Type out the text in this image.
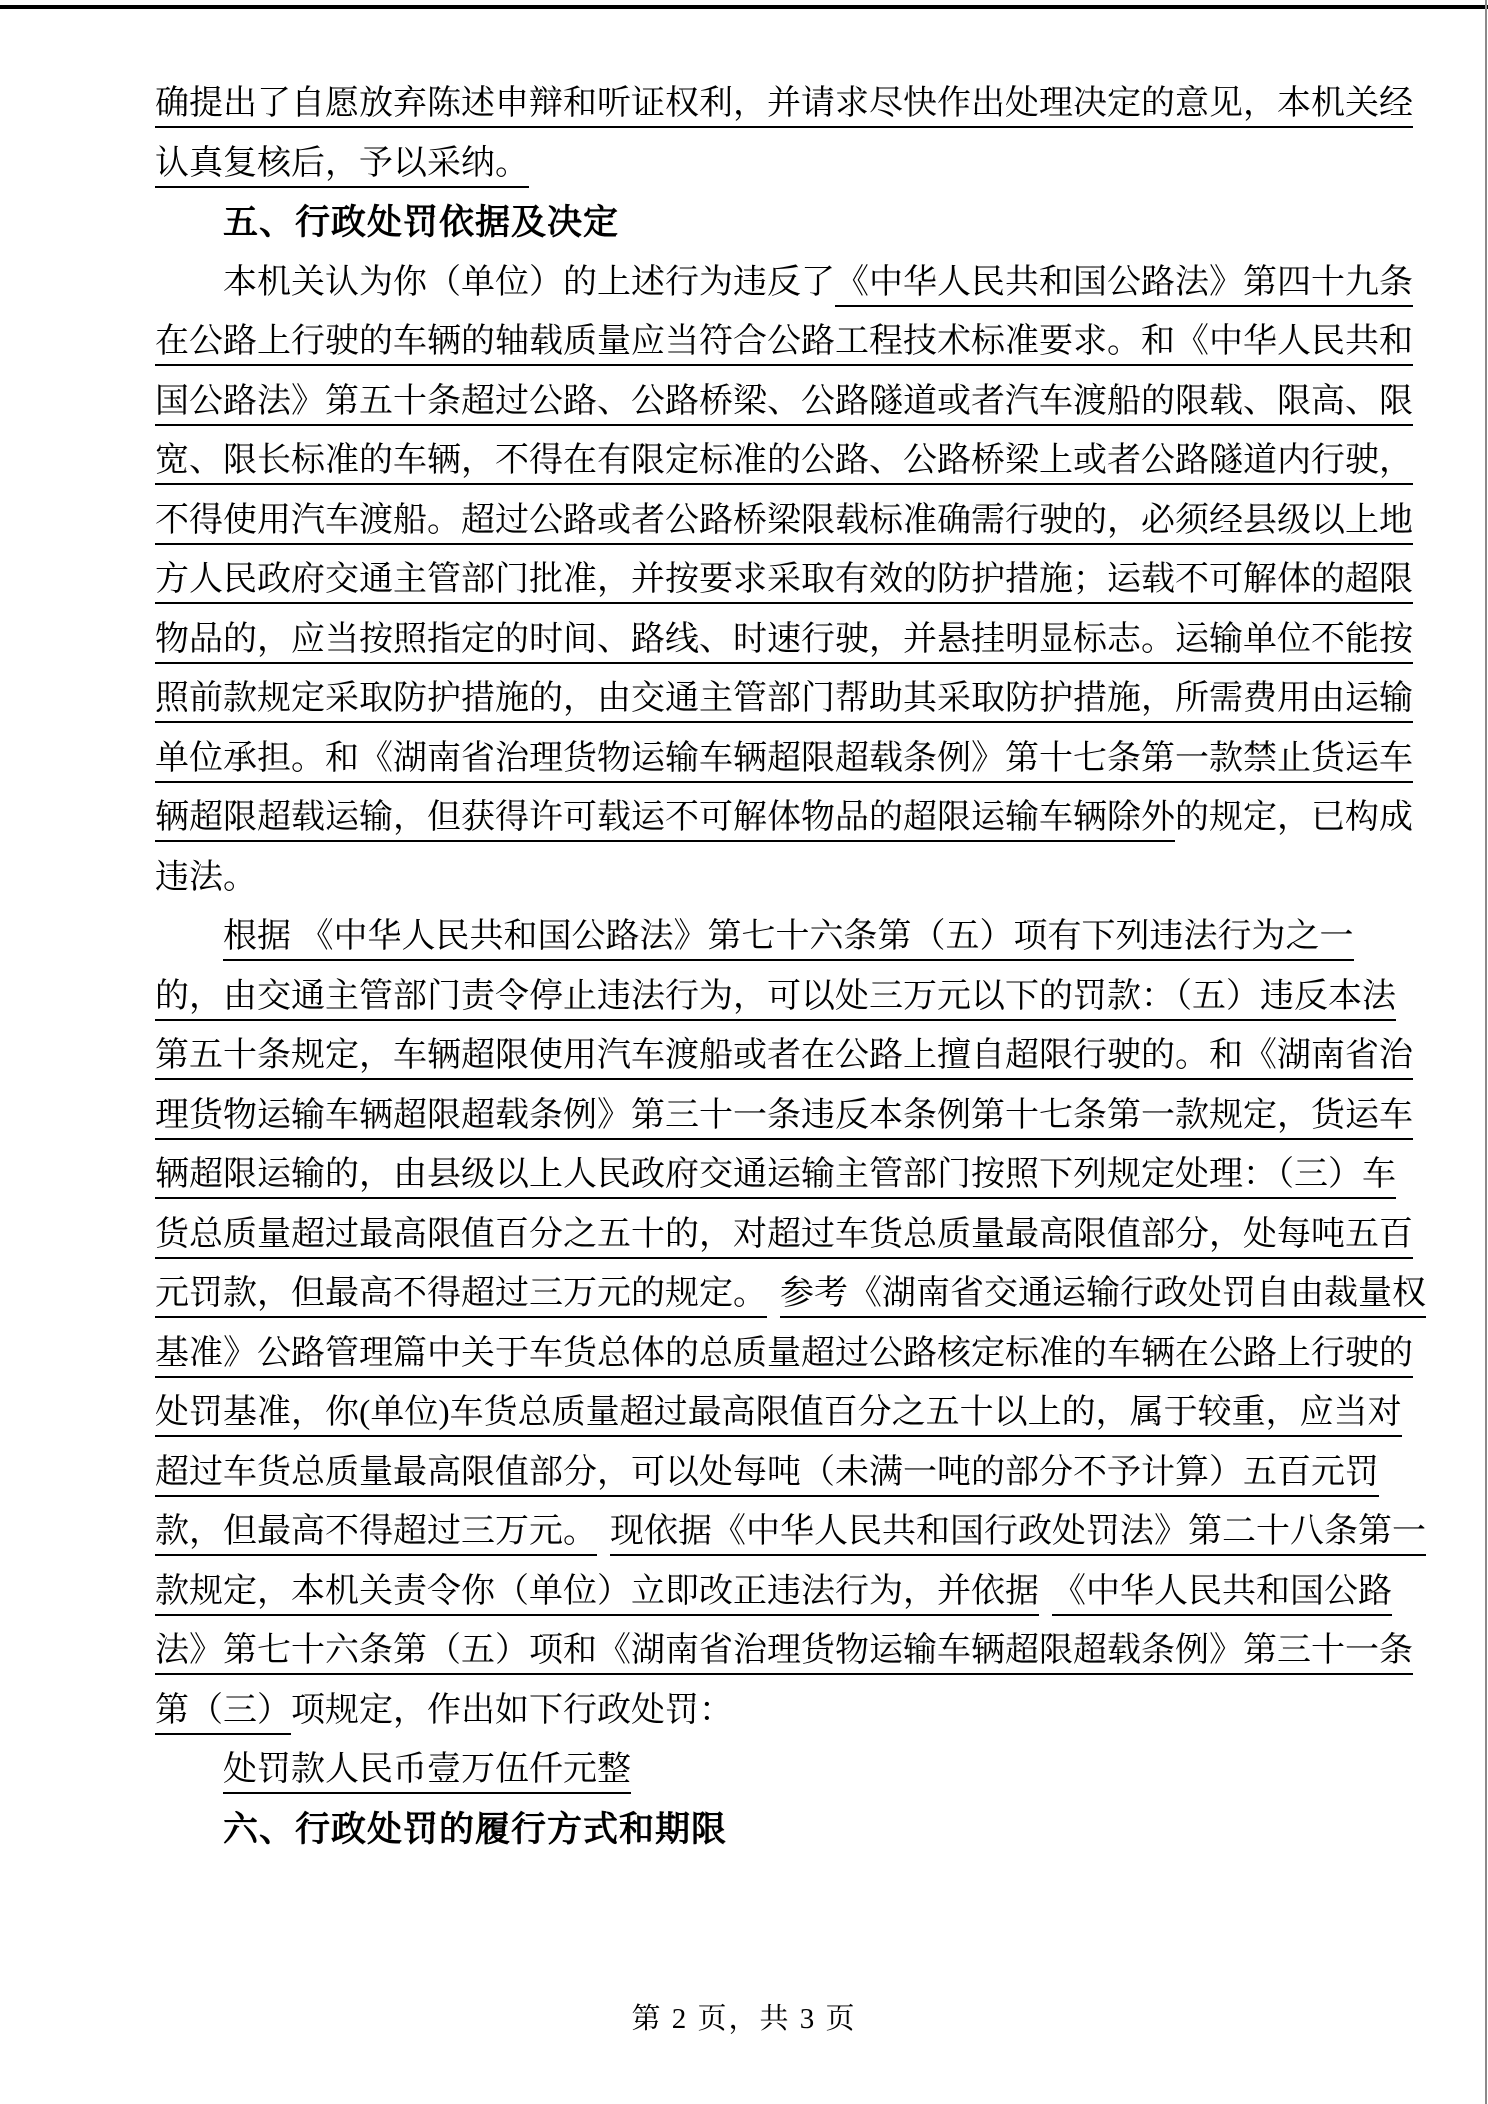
确提出了自愿放弃陈述申辩和听证权利，并请求尽快作出处理决定的意见，本机关经
认真复核后，予以采纳。
五、行政处罚依据及决定
本机关认为你（单位）的上述行为违反了《中华人民共和国公路法》第四十九条
在公路上行驶的车辆的轴载质量应当符合公路工程技术标准要求。和《中华人民共和
国公路法》第五十条超过公路、公路桥梁、公路隧道或者汽车渡船的限载、限高、限
宽、限长标准的车辆，不得在有限定标准的公路、公路桥梁上或者公路隧道内行驶，
不得使用汽车渡船。超过公路或者公路桥梁限载标准确需行驶的，必须经县级以上地
方人民政府交通主管部门批准，并按要求采取有效的防护措施；运载不可解体的超限
物品的，应当按照指定的时间、路线、时速行驶，并悬挂明显标志。运输单位不能按
照前款规定采取防护措施的，由交通主管部门帮助其采取防护措施，所需费用由运输
单位承担。和《湖南省治理货物运输车辆超限超载条例》第十七条第一款禁止货运车
辆超限超载运输，但获得许可载运不可解体物品的超限运输车辆除外的规定，已构成
违法。
根据 《中华人民共和国公路法》第七十六条第（五）项有下列违法行为之一
的，由交通主管部门责令停止违法行为，可以处三万元以下的罚款：（五）违反本法
第五十条规定，车辆超限使用汽车渡船或者在公路上擅自超限行驶的。和《湖南省治
理货物运输车辆超限超载条例》第三十一条违反本条例第十七条第一款规定，货运车
辆超限运输的，由县级以上人民政府交通运输主管部门按照下列规定处理：（三）车
货总质量超过最高限值百分之五十的，对超过车货总质量最高限值部分，处每吨五百
元罚款，但最高不得超过三万元的规定。 参考《湖南省交通运输行政处罚自由裁量权
基准》公路管理篇中关于车货总体的总质量超过公路核定标准的车辆在公路上行驶的
处罚基准，你(单位)车货总质量超过最高限值百分之五十以上的，属于较重，应当对
超过车货总质量最高限值部分，可以处每吨（未满一吨的部分不予计算）五百元罚
款，但最高不得超过三万元。 现依据《中华人民共和国行政处罚法》第二十八条第一
款规定，本机关责令你（单位）立即改正违法行为，并依据 《中华人民共和国公路
法》第七十六条第（五）项和《湖南省治理货物运输车辆超限超载条例》第三十一条
第（三）项规定，作出如下行政处罚：
处罚款人民币壹万伍仟元整
六、行政处罚的履行方式和期限
第 2 页，共 3 页
